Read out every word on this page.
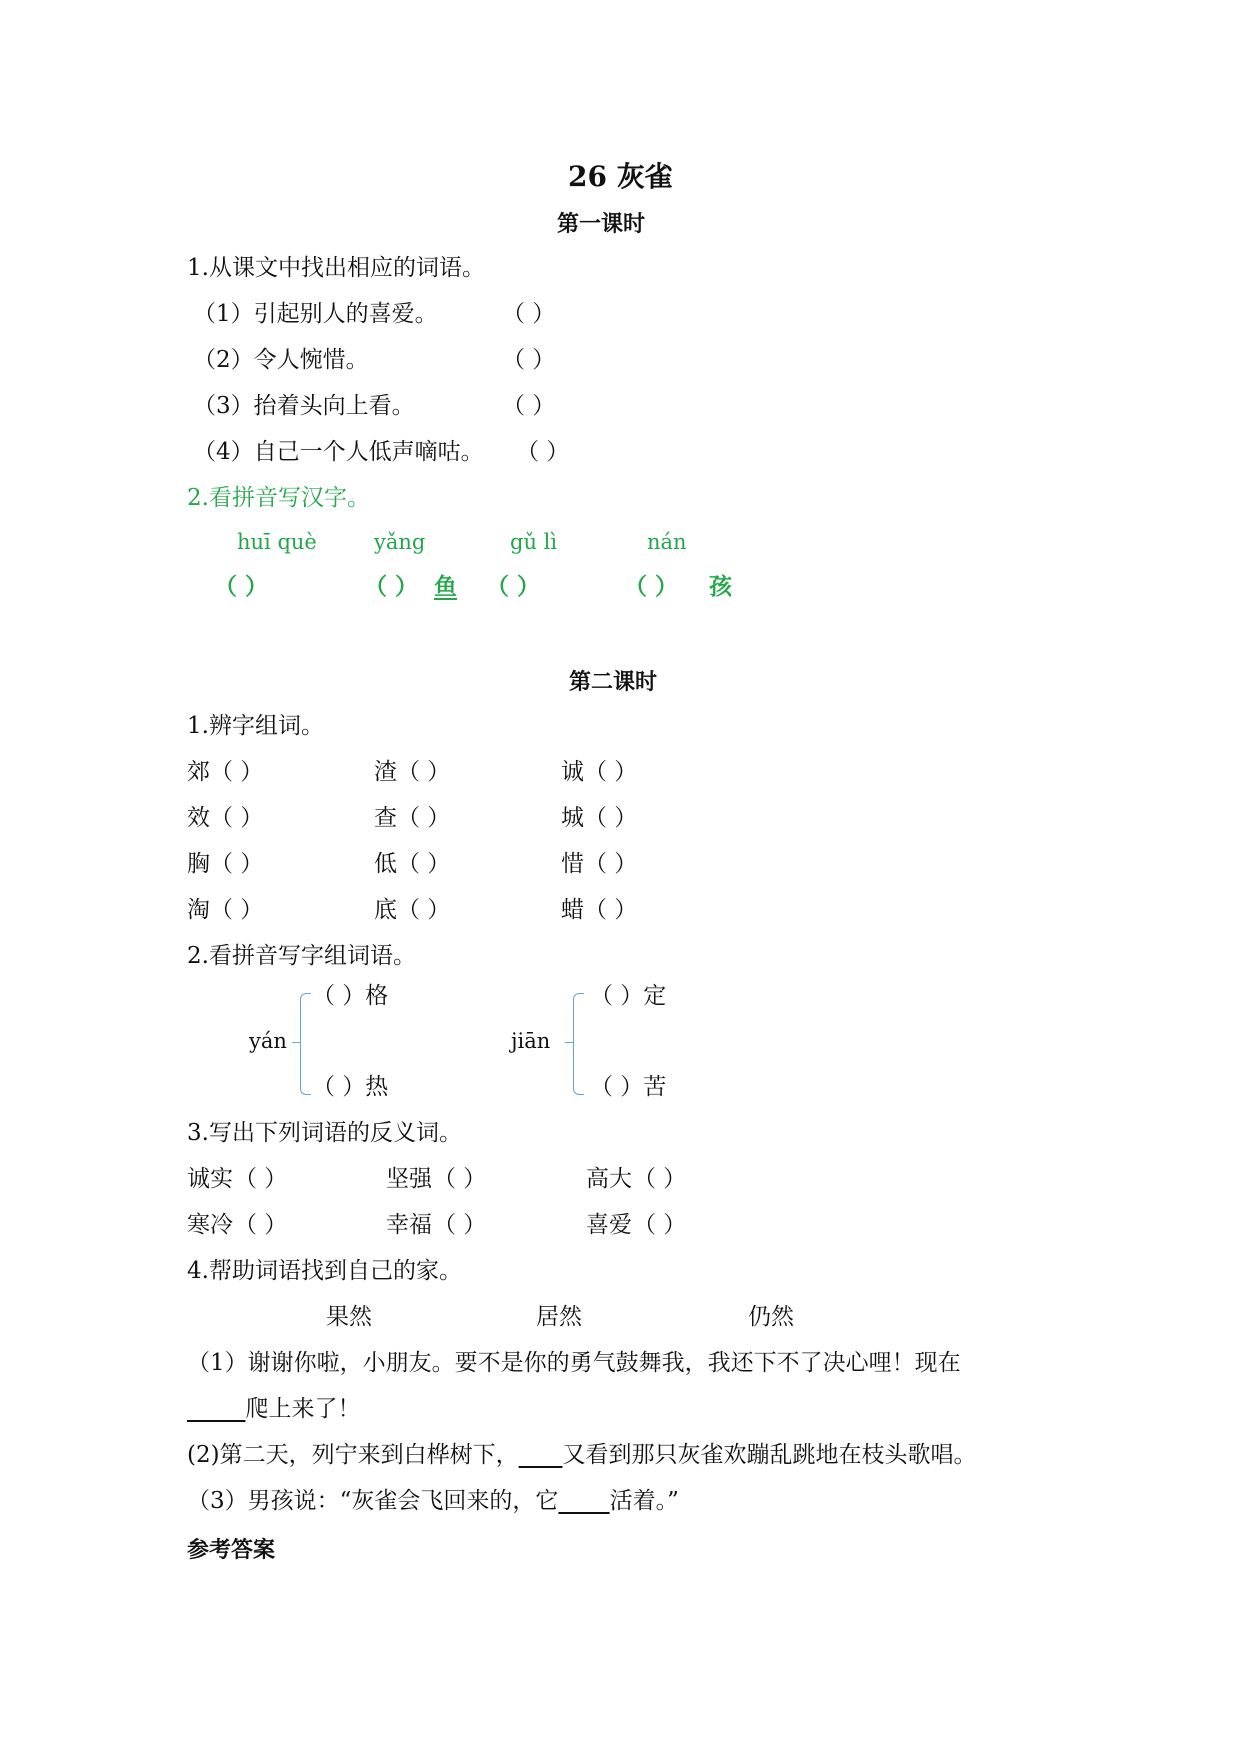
26 灰雀
第一课时
1.从课文中找出相应的词语。
（1）引起别人的喜爱。	（ ）
（2）令人惋惜。	（ ）
（3）抬着头向上看。	（ ）
（4）自己一个人低声嘀咕。 （ ）
2.看拼音写汉字。
huī què	yǎng	gǔ lì	nán
（ ）	（ ） 鱼 （ ）	（ ） 孩
第二课时
1.辨字组词。
郊 （ ）	渣 （ ）	诚 （ ）
效 （ ）	查 （ ）	城 （ ）
胸 （ ）	低 （ ）	惜 （ ）
淘 （ ）	底 （ ）	蜡 （ ）
2.看拼音写字组词语。
yán
（ ）格
（ ）热
jiān
（ ）定
（ ）苦
3.写出下列词语的反义词。
诚实 （ ）	坚强 （ ）	高大 （ ）
寒冷 （ ）	幸福 （ ）	喜爱 （ ）
4.帮助词语找到自己的家。
果然	居然	仍然
（1）谢谢你啦，小朋友。要不是你的勇气鼓舞我，我还下不了决心哩！现在
爬上来了！
(2)第二天，列宁来到白桦树下， 又看到那只灰雀欢蹦乱跳地在枝头歌唱。
（3）男孩说：“灰雀会飞回来的，它 活着。”
参考答案
